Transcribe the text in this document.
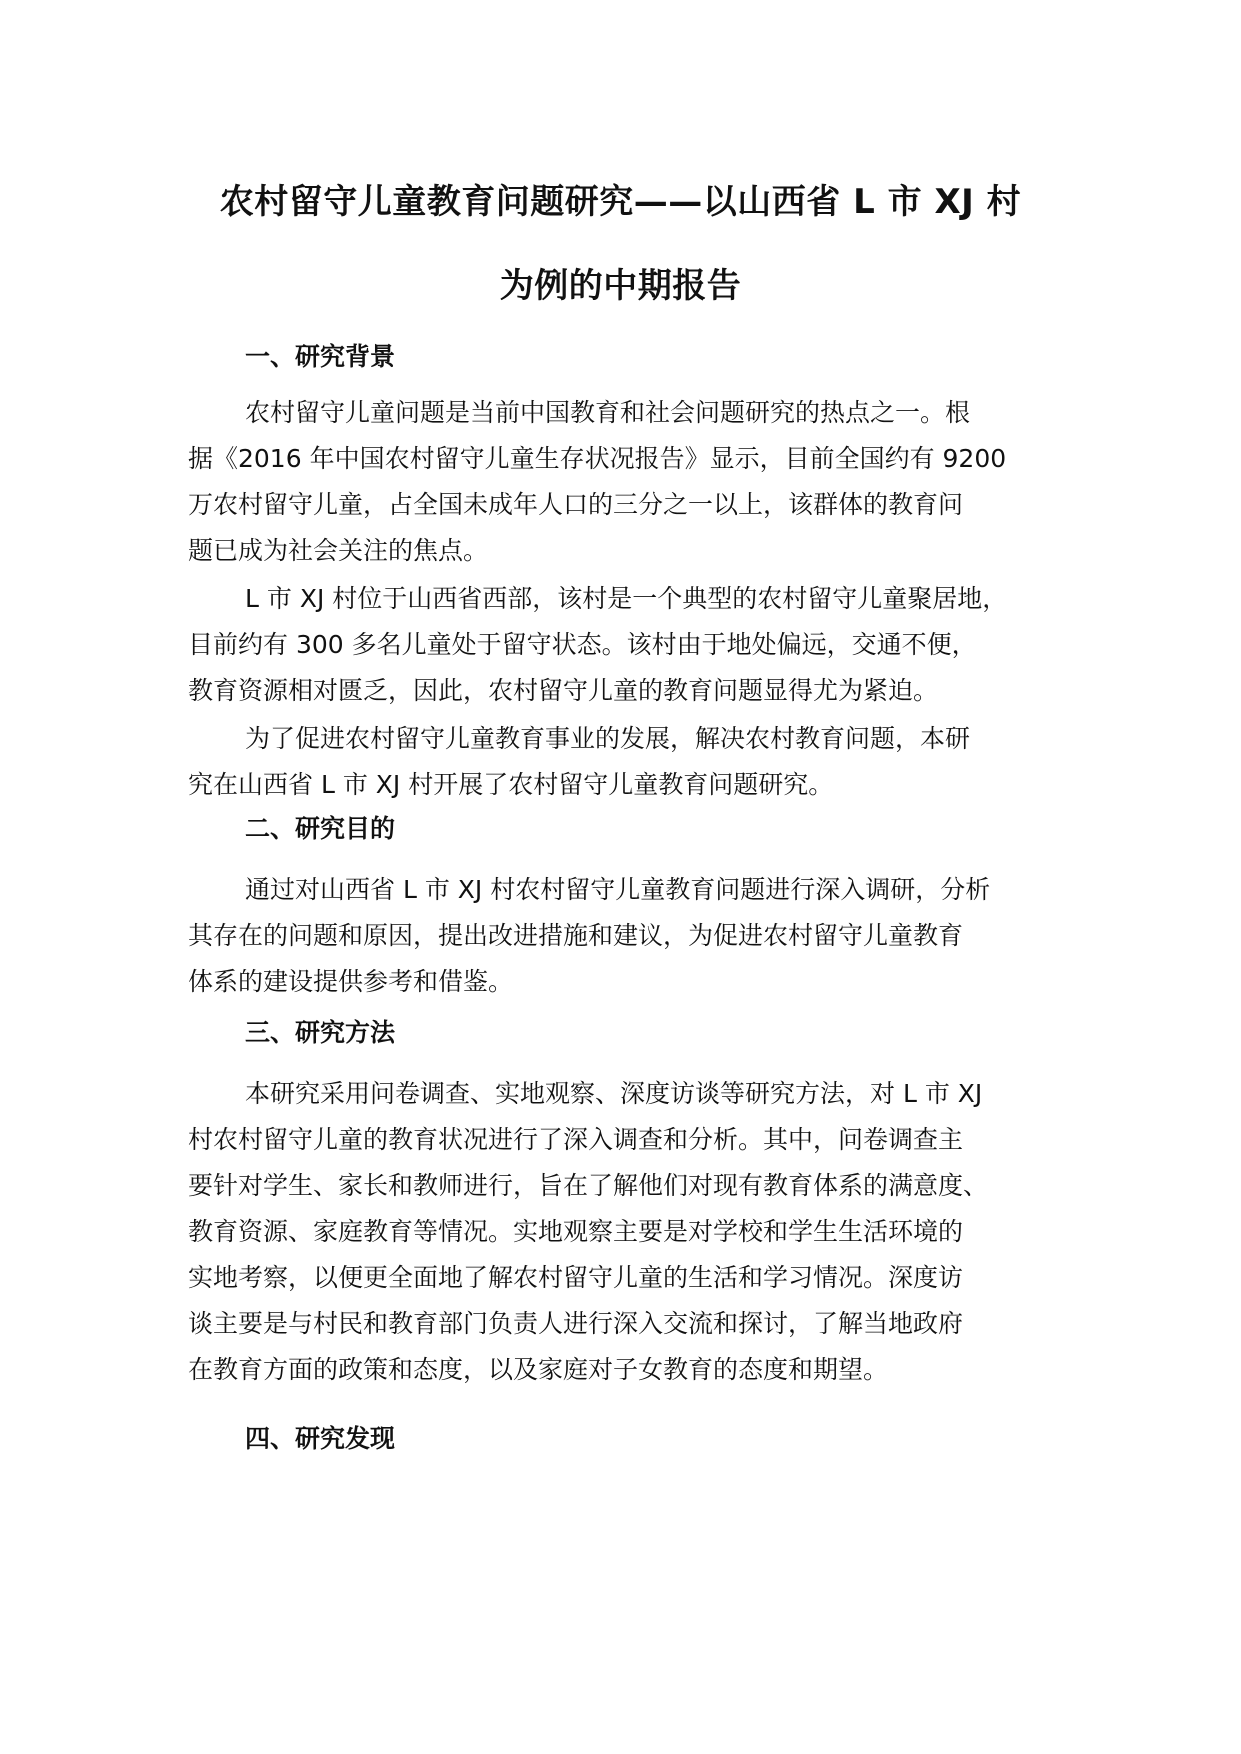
农村留守儿童教育问题研究——以山西省 L 市 XJ 村
为例的中期报告
一、研究背景
农村留守儿童问题是当前中国教育和社会问题研究的热点之一。根
据《2016 年中国农村留守儿童生存状况报告》显示，目前全国约有 9200
万农村留守儿童，占全国未成年人口的三分之一以上，该群体的教育问
题已成为社会关注的焦点。
L 市 XJ 村位于山西省西部，该村是一个典型的农村留守儿童聚居地，
目前约有 300 多名儿童处于留守状态。该村由于地处偏远，交通不便，
教育资源相对匮乏，因此，农村留守儿童的教育问题显得尤为紧迫。
为了促进农村留守儿童教育事业的发展，解决农村教育问题，本研
究在山西省 L 市 XJ 村开展了农村留守儿童教育问题研究。
二、研究目的
通过对山西省 L 市 XJ 村农村留守儿童教育问题进行深入调研，分析
其存在的问题和原因，提出改进措施和建议，为促进农村留守儿童教育
体系的建设提供参考和借鉴。
三、研究方法
本研究采用问卷调查、实地观察、深度访谈等研究方法，对 L 市 XJ
村农村留守儿童的教育状况进行了深入调查和分析。其中，问卷调查主
要针对学生、家长和教师进行，旨在了解他们对现有教育体系的满意度、
教育资源、家庭教育等情况。实地观察主要是对学校和学生生活环境的
实地考察，以便更全面地了解农村留守儿童的生活和学习情况。深度访
谈主要是与村民和教育部门负责人进行深入交流和探讨，了解当地政府
在教育方面的政策和态度，以及家庭对子女教育的态度和期望。
四、研究发现
